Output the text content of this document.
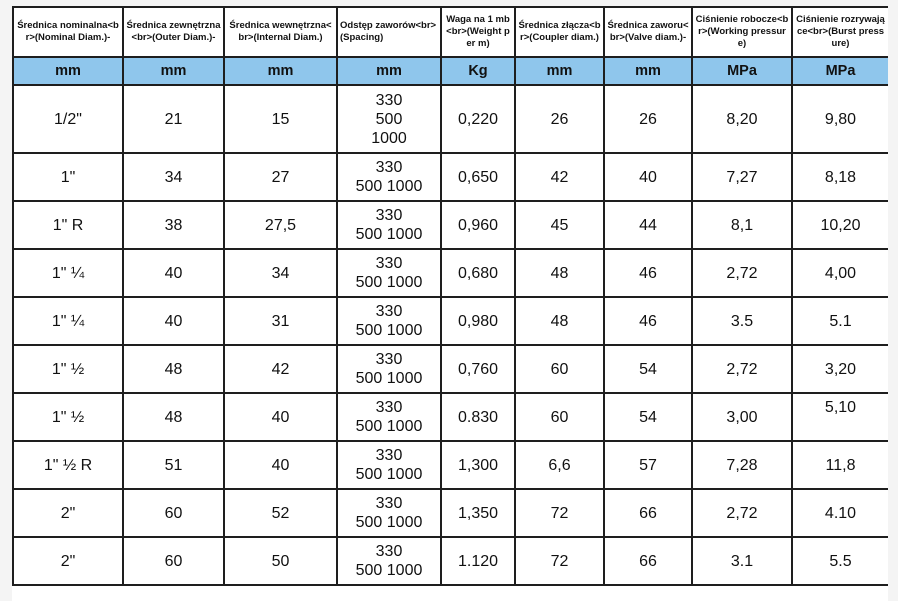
Średnica nominalna<br>(Nominal Diam.)-	Średnica zewnętrzna<br>(Outer Diam.)-	Średnica wewnętrzna<br>(Internal Diam.)	Odstęp zaworów<br>(Spacing)	Waga na 1 mb<br>(Weight per m)	Średnica złącza<br>(Coupler diam.)	Średnica zaworu<br>(Valve diam.)-	Ciśnienie robocze<br>(Working pressure)	Ciśnienie rozrywające<br>(Burst pressure)
mm	mm	mm	mm	Kg	mm	mm	MPa	MPa
1/2"	21	15	330
500
1000	0,220	26	26	8,20	9,80
1"	34	27	330
500 1000	0,650	42	40	7,27	8,18
1" R	38	27,5	330
500 1000	0,960	45	44	8,1	10,20
1" ¼	40	34	330
500 1000	0,680	48	46	2,72	4,00
1" ¼	40	31	330
500 1000	0,980	48	46	3.5	5.1
1" ½	48	42	330
500 1000	0,760	60	54	2,72	3,20
1" ½	48	40	330
500 1000	0.830	60	54	3,00	5,10
1" ½ R	51	40	330
500 1000	1,300	6,6	57	7,28	11,8
2"	60	52	330
500 1000	1,350	72	66	2,72	4.10
2"	60	50	330
500 1000	1.120	72	66	3.1	5.5
